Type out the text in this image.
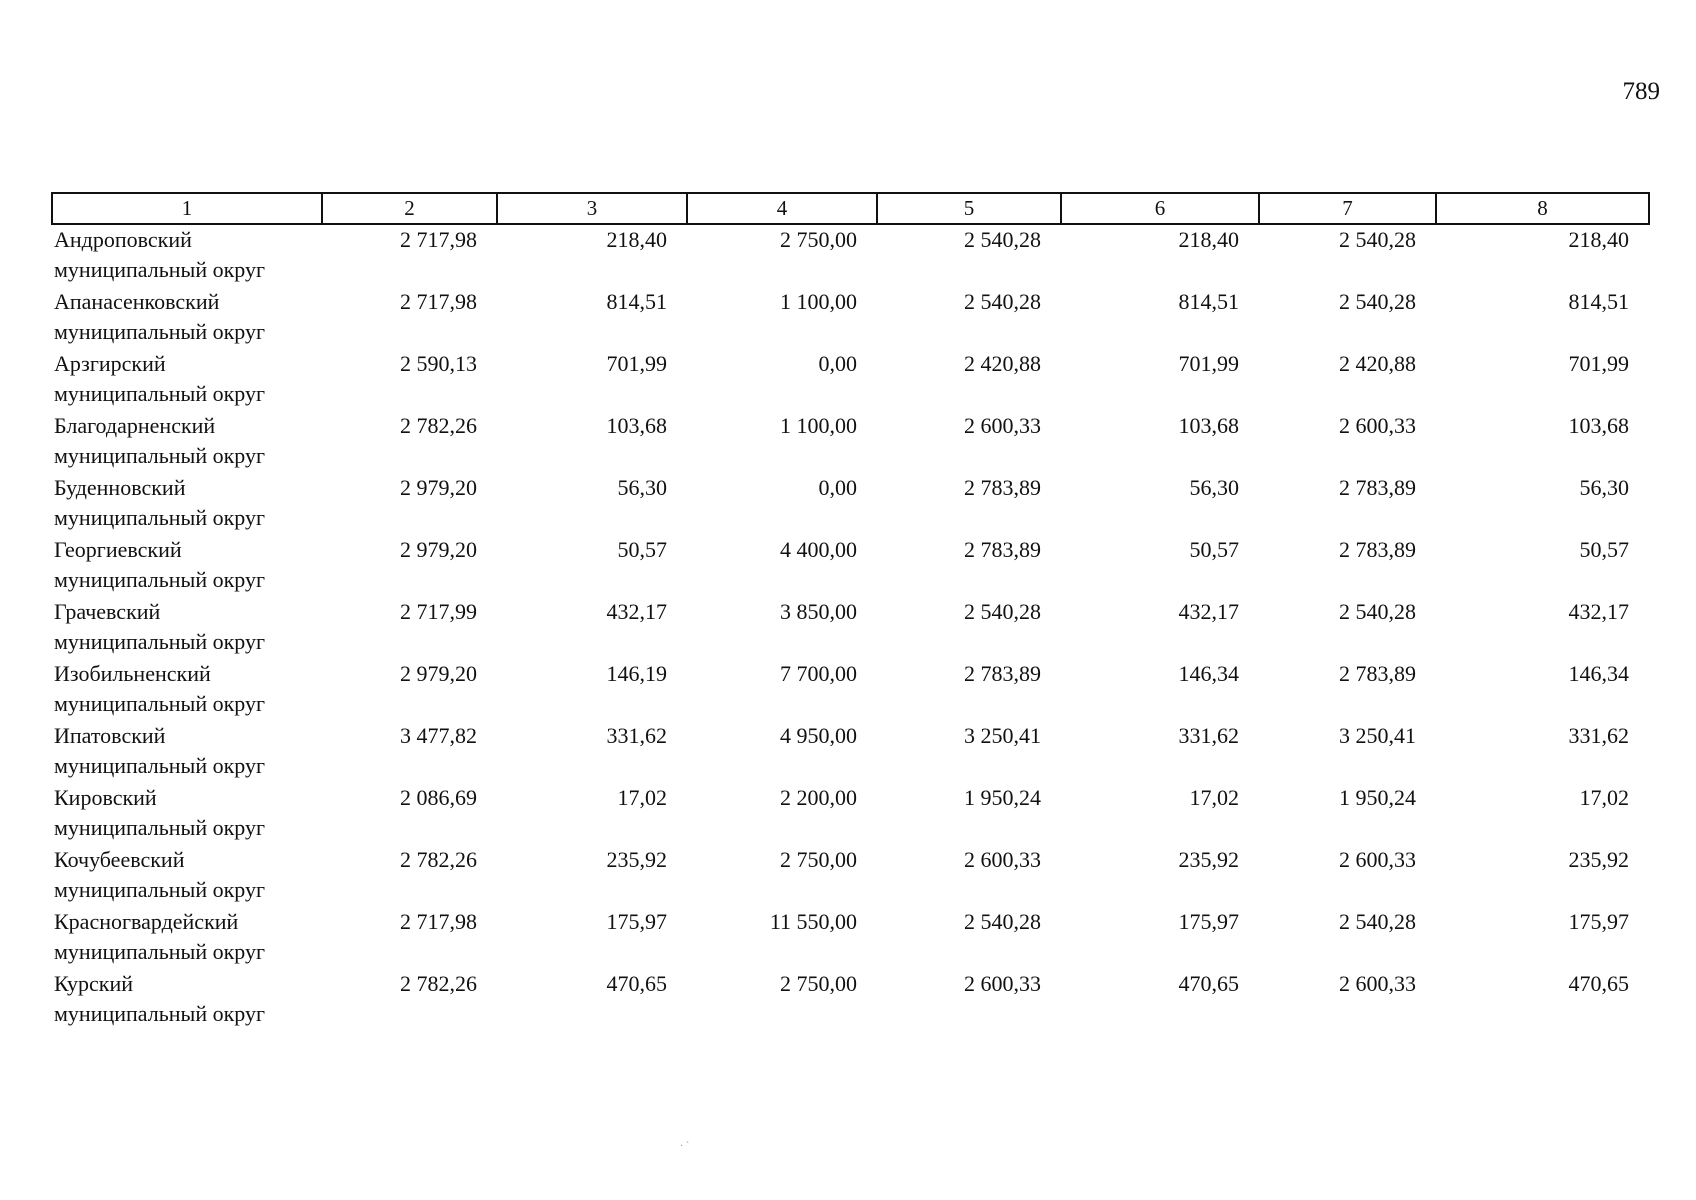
789
1	2	3	4	5	6	7	8

Андроповский
муниципальный округ	2 717,98	218,40	2 750,00	2 540,28	218,40	2 540,28	218,40

Апанасенковский
муниципальный округ	2 717,98	814,51	1 100,00	2 540,28	814,51	2 540,28	814,51

Арзгирский
муниципальный округ	2 590,13	701,99	0,00	2 420,88	701,99	2 420,88	701,99

Благодарненский
муниципальный округ	2 782,26	103,68	1 100,00	2 600,33	103,68	2 600,33	103,68

Буденновский
муниципальный округ	2 979,20	56,30	0,00	2 783,89	56,30	2 783,89	56,30

Георгиевский
муниципальный округ	2 979,20	50,57	4 400,00	2 783,89	50,57	2 783,89	50,57

Грачевский
муниципальный округ	2 717,99	432,17	3 850,00	2 540,28	432,17	2 540,28	432,17

Изобильненский
муниципальный округ	2 979,20	146,19	7 700,00	2 783,89	146,34	2 783,89	146,34

Ипатовский
муниципальный округ	3 477,82	331,62	4 950,00	3 250,41	331,62	3 250,41	331,62

Кировский
муниципальный округ	2 086,69	17,02	2 200,00	1 950,24	17,02	1 950,24	17,02

Кочубеевский
муниципальный округ	2 782,26	235,92	2 750,00	2 600,33	235,92	2 600,33	235,92

Красногвардейский
муниципальный округ	2 717,98	175,97	11 550,00	2 540,28	175,97	2 540,28	175,97

Курский
муниципальный округ	2 782,26	470,65	2 750,00	2 600,33	470,65	2 600,33	470,65
· `
